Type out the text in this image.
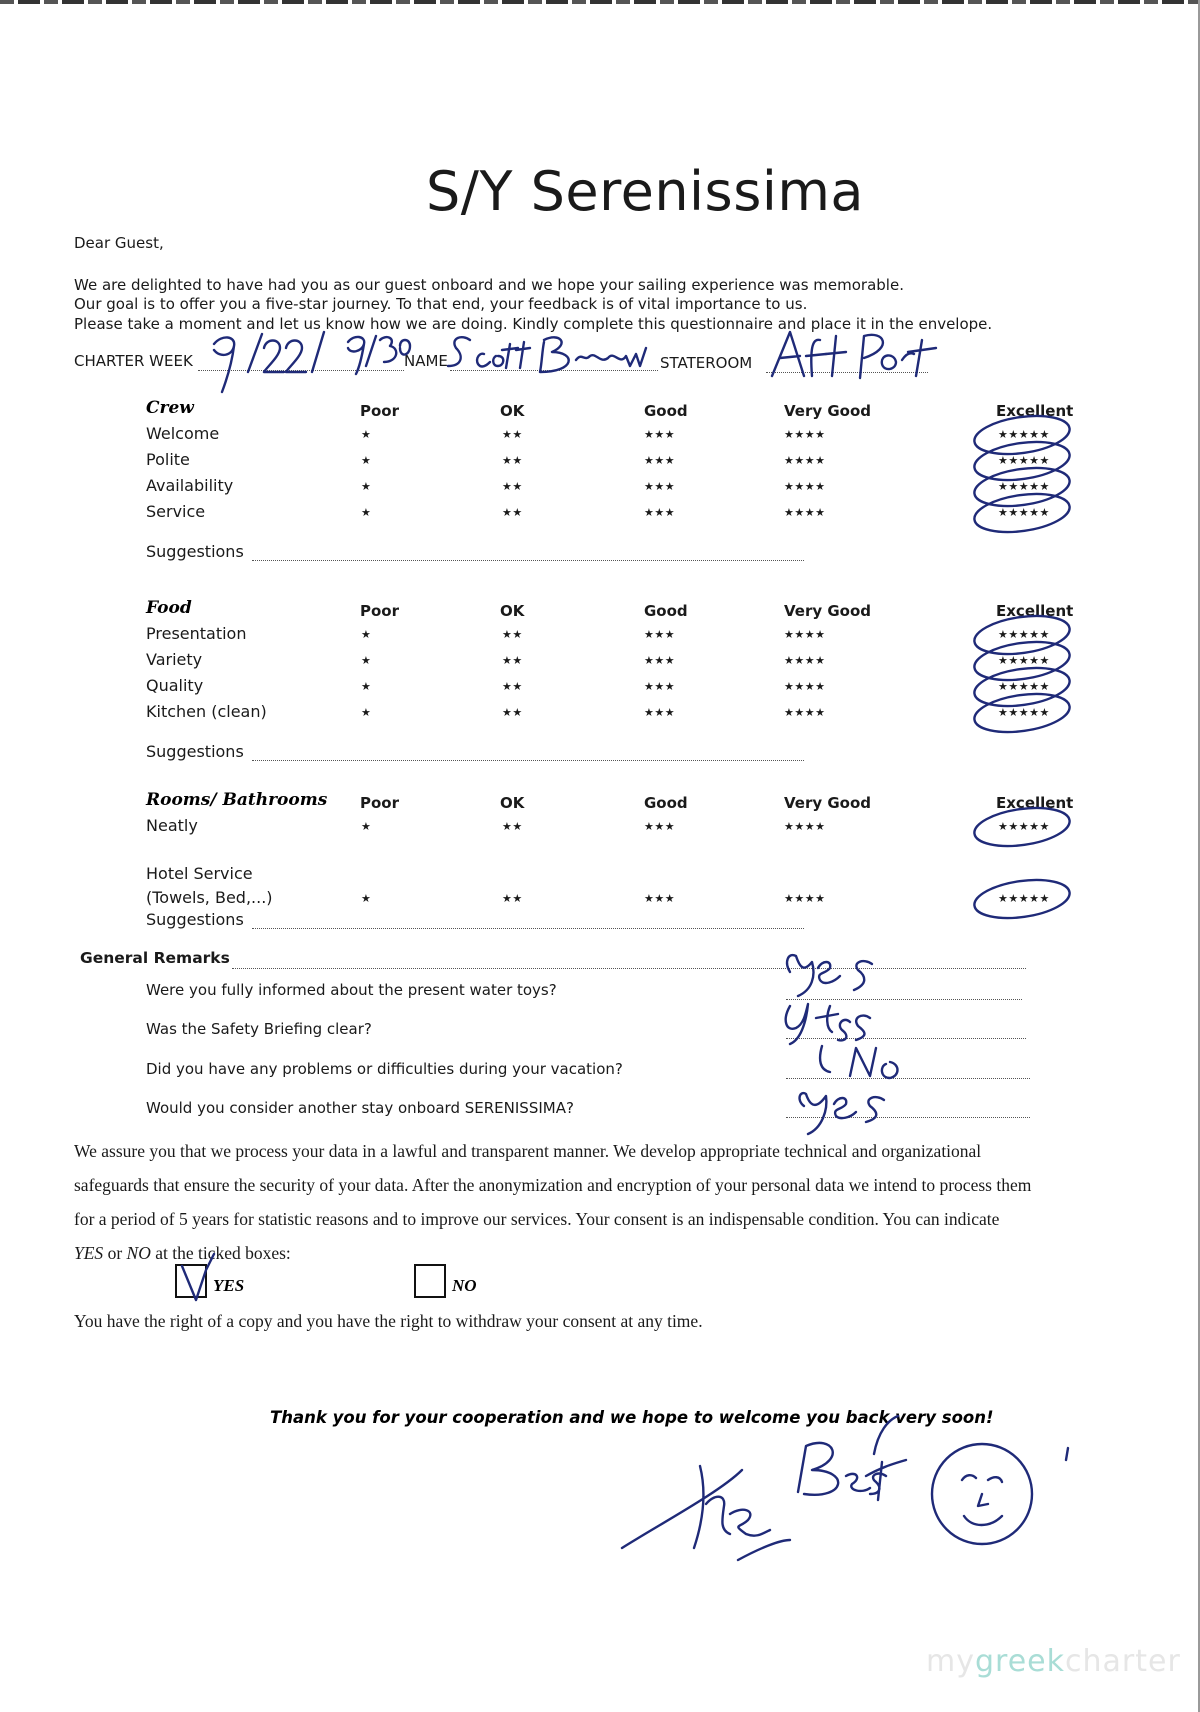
S/Y Serenissima
Dear Guest,
We are delighted to have had you as our guest onboard and we hope your sailing experience was memorable.
Our goal is to offer you a five-star journey. To that end, your feedback is of vital importance to us.
Please take a moment and let us know how we are doing. Kindly complete this questionnaire and place it in the envelope.
CHARTER WEEK	NAME	STATEROOM
Crew	Poor	OK	Good	Very Good	Excellent
Welcome	★	★★	★★★	★★★★	★★★★★
Polite	★	★★	★★★	★★★★	★★★★★
Availability	★	★★	★★★	★★★★	★★★★★
Service	★	★★	★★★	★★★★	★★★★★
Suggestions
Food	Poor	OK	Good	Very Good	Excellent
Presentation	★	★★	★★★	★★★★	★★★★★
Variety	★	★★	★★★	★★★★	★★★★★
Quality	★	★★	★★★	★★★★	★★★★★
Kitchen (clean)	★	★★	★★★	★★★★	★★★★★
Suggestions
Rooms/ Bathrooms Poor	OK	Good	Very Good	Excellent
Neatly	★	★★	★★★	★★★★	★★★★★
Hotel Service
(Towels, Bed,...)	★	★★	★★★	★★★★	★★★★★
Suggestions
General Remarks
Were you fully informed about the present water toys?
Was the Safety Briefing clear?
Did you have any problems or difficulties during your vacation?
Would you consider another stay onboard SERENISSIMA?
We assure you that we process your data in a lawful and transparent manner. We develop appropriate technical and organizational
safeguards that ensure the security of your data. After the anonymization and encryption of your personal data we intend to process them
for a period of 5 years for statistic reasons and to improve our services. Your consent is an indispensable condition. You can indicate
YES or NO at the ticked boxes:
YES	NO
You have the right of a copy and you have the right to withdraw your consent at any time.
Thank you for your cooperation and we hope to welcome you back very soon!
mygreekcharter
